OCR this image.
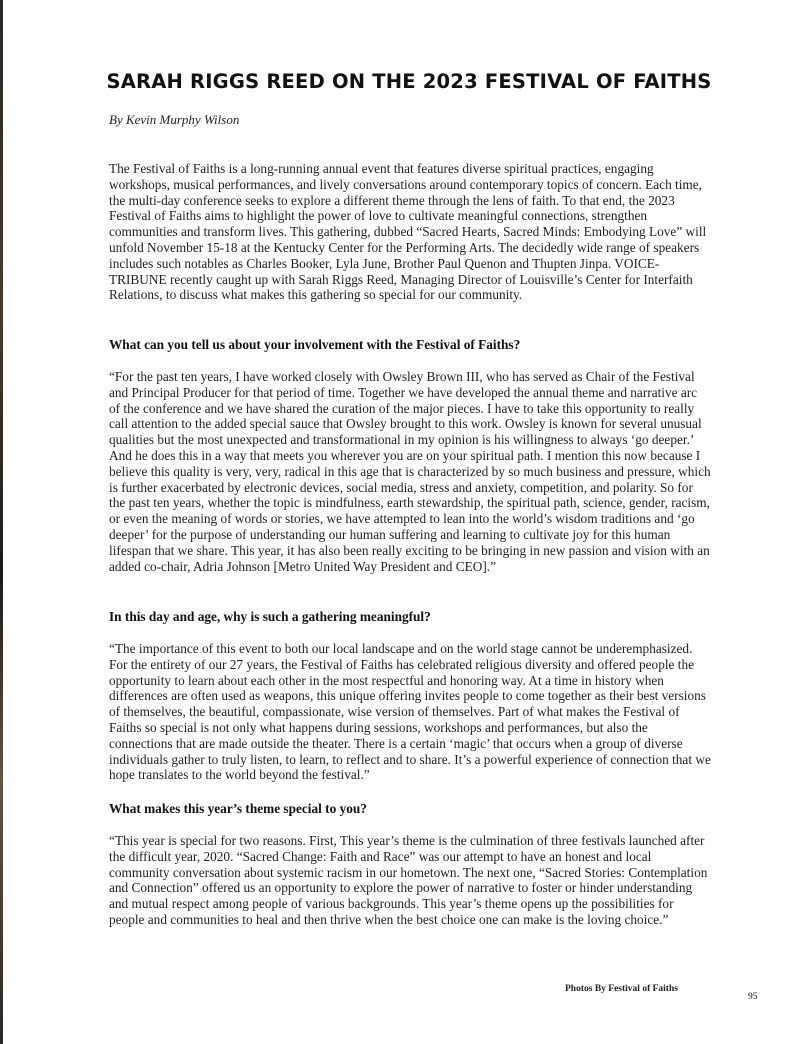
SARAH RIGGS REED ON THE 2023 FESTIVAL OF FAITHS

By Kevin Murphy Wilson

The Festival of Faiths is a long-running annual event that features diverse spiritual practices, engaging workshops, musical performances, and lively conversations around contemporary topics of concern. Each time, the multi-day conference seeks to explore a different theme through the lens of faith. To that end, the 2023 Festival of Faiths aims to highlight the power of love to cultivate meaningful connections, strengthen communities and transform lives. This gathering, dubbed “Sacred Hearts, Sacred Minds: Embodying Love” will unfold November 15-18 at the Kentucky Center for the Performing Arts. The decidedly wide range of speakers includes such notables as Charles Booker, Lyla June, Brother Paul Quenon and Thupten Jinpa. VOICE-TRIBUNE recently caught up with Sarah Riggs Reed, Managing Director of Louisville’s Center for Interfaith Relations, to discuss what makes this gathering so special for our community.

What can you tell us about your involvement with the Festival of Faiths?

“For the past ten years, I have worked closely with Owsley Brown III, who has served as Chair of the Festival and Principal Producer for that period of time. Together we have developed the annual theme and narrative arc of the conference and we have shared the curation of the major pieces. I have to take this opportunity to really call attention to the added special sauce that Owsley brought to this work. Owsley is known for several unusual qualities but the most unexpected and transformational in my opinion is his willingness to always ‘go deeper.’ And he does this in a way that meets you wherever you are on your spiritual path. I mention this now because I believe this quality is very, very, radical in this age that is characterized by so much business and pressure, which is further exacerbated by electronic devices, social media, stress and anxiety, competition, and polarity. So for the past ten years, whether the topic is mindfulness, earth stewardship, the spiritual path, science, gender, racism, or even the meaning of words or stories, we have attempted to lean into the world’s wisdom traditions and ‘go deeper’ for the purpose of understanding our human suffering and learning to cultivate joy for this human lifespan that we share. This year, it has also been really exciting to be bringing in new passion and vision with an added co-chair, Adria Johnson [Metro United Way President and CEO].”

In this day and age, why is such a gathering meaningful?

“The importance of this event to both our local landscape and on the world stage cannot be underemphasized. For the entirety of our 27 years, the Festival of Faiths has celebrated religious diversity and offered people the opportunity to learn about each other in the most respectful and honoring way. At a time in history when differences are often used as weapons, this unique offering invites people to come together as their best versions of themselves, the beautiful, compassionate, wise version of themselves. Part of what makes the Festival of Faiths so special is not only what happens during sessions, workshops and performances, but also the connections that are made outside the theater. There is a certain ‘magic’ that occurs when a group of diverse individuals gather to truly listen, to learn, to reflect and to share. It’s a powerful experience of connection that we hope translates to the world beyond the festival.”

What makes this year’s theme special to you?

“This year is special for two reasons. First, This year’s theme is the culmination of three festivals launched after the difficult year, 2020. “Sacred Change: Faith and Race” was our attempt to have an honest and local community conversation about systemic racism in our hometown. The next one, “Sacred Stories: Contemplation and Connection” offered us an opportunity to explore the power of narrative to foster or hinder understanding and mutual respect among people of various backgrounds. This year’s theme opens up the possibilities for people and communities to heal and then thrive when the best choice one can make is the loving choice.”

Photos By Festival of Faiths

95
